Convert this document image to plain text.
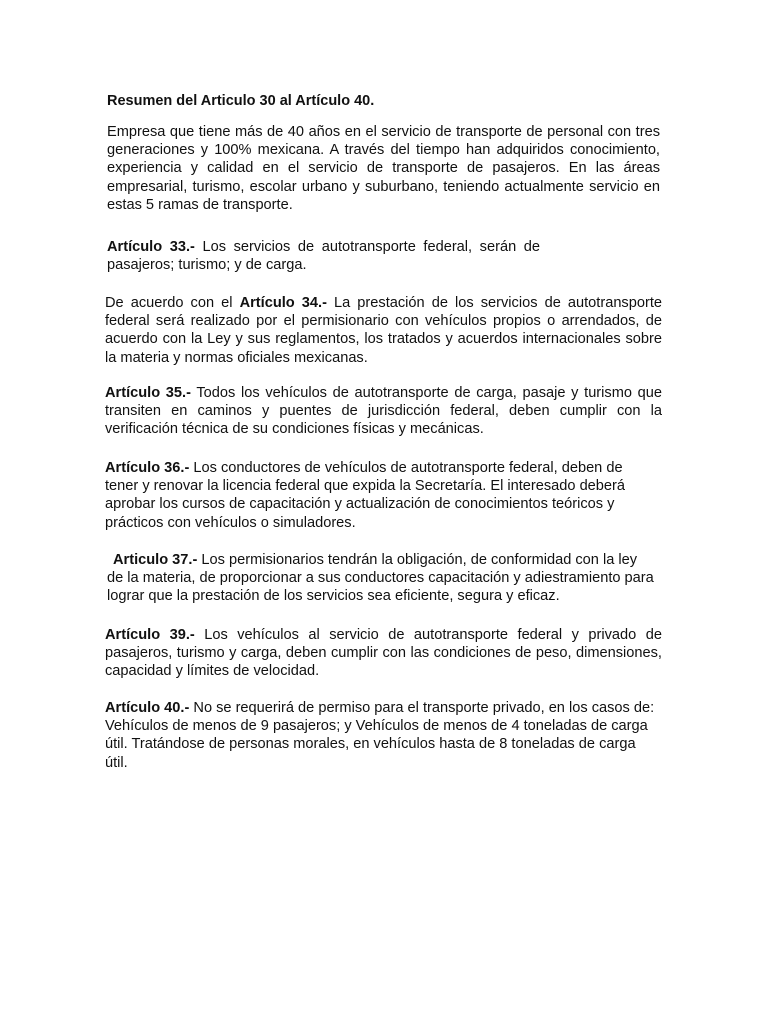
Resumen del Articulo 30 al Artículo 40.

Empresa que tiene más de 40 años en el servicio de transporte de personal con tres generaciones y 100% mexicana. A través del tiempo han adquiridos conocimiento, experiencia y calidad en el servicio de transporte de pasajeros. En las áreas empresarial, turismo, escolar urbano y suburbano, teniendo actualmente servicio en estas 5 ramas de transporte.

Artículo 33.- Los servicios de autotransporte federal, serán de pasajeros; turismo; y de carga.

De acuerdo con el Artículo 34.- La prestación de los servicios de autotransporte federal será realizado por el permisionario con vehículos propios o arrendados, de acuerdo con la Ley y sus reglamentos, los tratados y acuerdos internacionales sobre la materia y normas oficiales mexicanas.

Artículo 35.- Todos los vehículos de autotransporte de carga, pasaje y turismo que transiten en caminos y puentes de jurisdicción federal, deben cumplir con la verificación técnica de su condiciones físicas y mecánicas.

Artículo 36.- Los conductores de vehículos de autotransporte federal, deben de tener y renovar la licencia federal que expida la Secretaría. El interesado deberá aprobar los cursos de capacitación y actualización de conocimientos teóricos y prácticos con vehículos o simuladores.

Articulo 37.- Los permisionarios tendrán la obligación, de conformidad con la ley de la materia, de proporcionar a sus conductores capacitación y adiestramiento para lograr que la prestación de los servicios sea eficiente, segura y eficaz.

Artículo 39.- Los vehículos al servicio de autotransporte federal y privado de pasajeros, turismo y carga, deben cumplir con las condiciones de peso, dimensiones, capacidad y límites de velocidad.

Artículo 40.- No se requerirá de permiso para el transporte privado, en los casos de: Vehículos de menos de 9 pasajeros; y Vehículos de menos de 4 toneladas de carga útil. Tratándose de personas morales, en vehículos hasta de 8 toneladas de carga útil.
